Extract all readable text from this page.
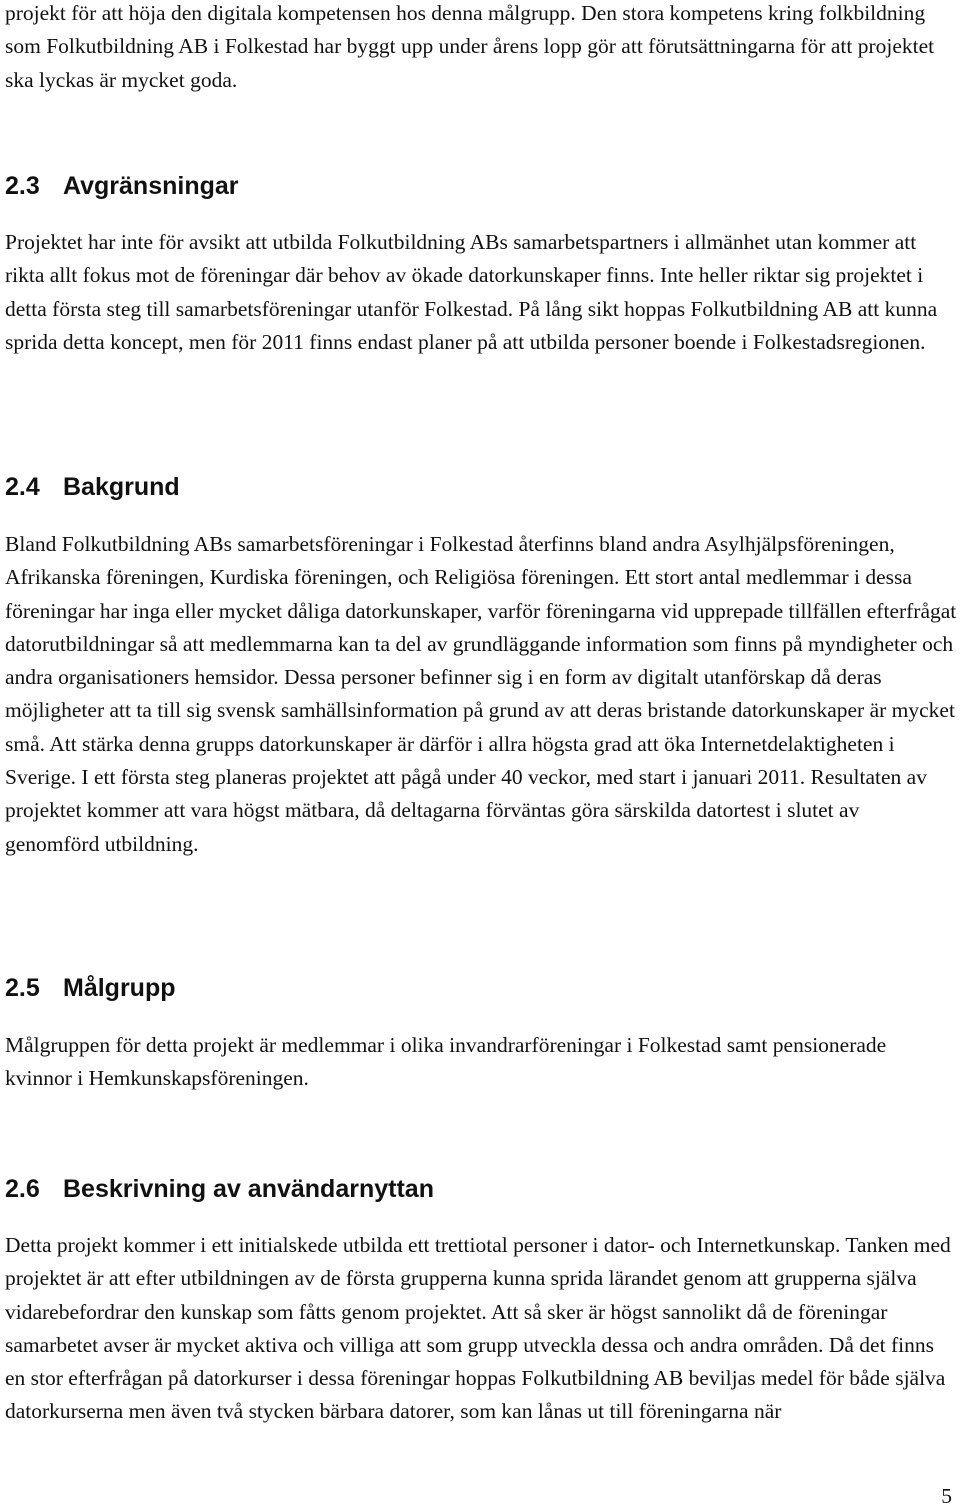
projekt för att höja den digitala kompetensen hos denna målgrupp. Den stora kompetens kring folkbildning som Folkutbildning AB i Folkestad har byggt upp under årens lopp gör att förutsättningarna för att projektet ska lyckas är mycket goda.

2.3 Avgränsningar

Projektet har inte för avsikt att utbilda Folkutbildning ABs samarbetspartners i allmänhet utan kommer att rikta allt fokus mot de föreningar där behov av ökade datorkunskaper finns. Inte heller riktar sig projektet i detta första steg till samarbetsföreningar utanför Folkestad. På lång sikt hoppas Folkutbildning AB att kunna sprida detta koncept, men för 2011 finns endast planer på att utbilda personer boende i Folkestadsregionen.

2.4 Bakgrund

Bland Folkutbildning ABs samarbetsföreningar i Folkestad återfinns bland andra Asylhjälpsföreningen, Afrikanska föreningen, Kurdiska föreningen, och Religiösa föreningen. Ett stort antal medlemmar i dessa föreningar har inga eller mycket dåliga datorkunskaper, varför föreningarna vid upprepade tillfällen efterfrågat datorutbildningar så att medlemmarna kan ta del av grundläggande information som finns på myndigheter och andra organisationers hemsidor. Dessa personer befinner sig i en form av digitalt utanförskap då deras möjligheter att ta till sig svensk samhällsinformation på grund av att deras bristande datorkunskaper är mycket små. Att stärka denna grupps datorkunskaper är därför i allra högsta grad att öka Internetdelaktigheten i Sverige. I ett första steg planeras projektet att pågå under 40 veckor, med start i januari 2011. Resultaten av projektet kommer att vara högst mätbara, då deltagarna förväntas göra särskilda datortest i slutet av genomförd utbildning.

2.5 Målgrupp

Målgruppen för detta projekt är medlemmar i olika invandrarföreningar i Folkestad samt pensionerade kvinnor i Hemkunskapsföreningen.

2.6 Beskrivning av användarnyttan

Detta projekt kommer i ett initialskede utbilda ett trettiotal personer i dator- och Internetkunskap. Tanken med projektet är att efter utbildningen av de första grupperna kunna sprida lärandet genom att grupperna själva vidarebefordrar den kunskap som fåtts genom projektet. Att så sker är högst sannolikt då de föreningar samarbetet avser är mycket aktiva och villiga att som grupp utveckla dessa och andra områden. Då det finns en stor efterfrågan på datorkurser i dessa föreningar hoppas Folkutbildning AB beviljas medel för både själva datorkurserna men även två stycken bärbara datorer, som kan lånas ut till föreningarna när

5
